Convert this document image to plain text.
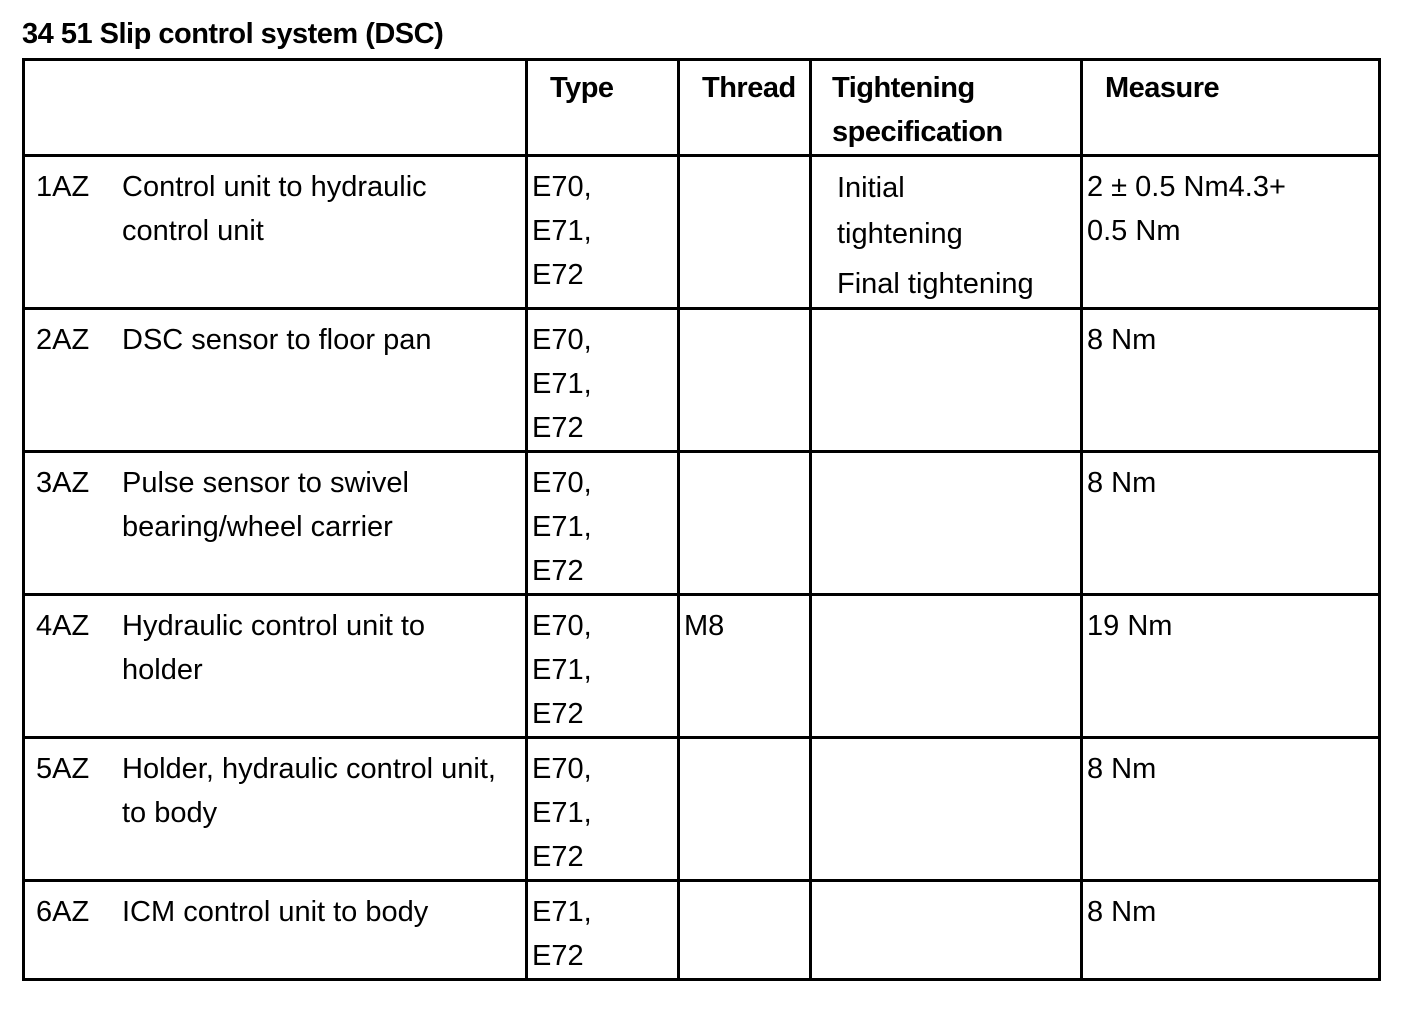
34 51 Slip control system (DSC)
	Type	Thread	Tightening specification	Measure

1AZ Control unit to hydraulic control unit	E70,
E71,
E72		Initial tightening
Final tightening	2 ± 0.5 Nm4.3+ 0.5 Nm

2AZ DSC sensor to floor pan	E70,
E71,
E72			8 Nm

3AZ Pulse sensor to swivel bearing/wheel carrier	E70,
E71,
E72			8 Nm

4AZ Hydraulic control unit to holder	E70,
E71,
E72	M8		19 Nm

5AZ Holder, hydraulic control unit, to body	E70,
E71,
E72			8 Nm

6AZ ICM control unit to body	E71,
E72			8 Nm
